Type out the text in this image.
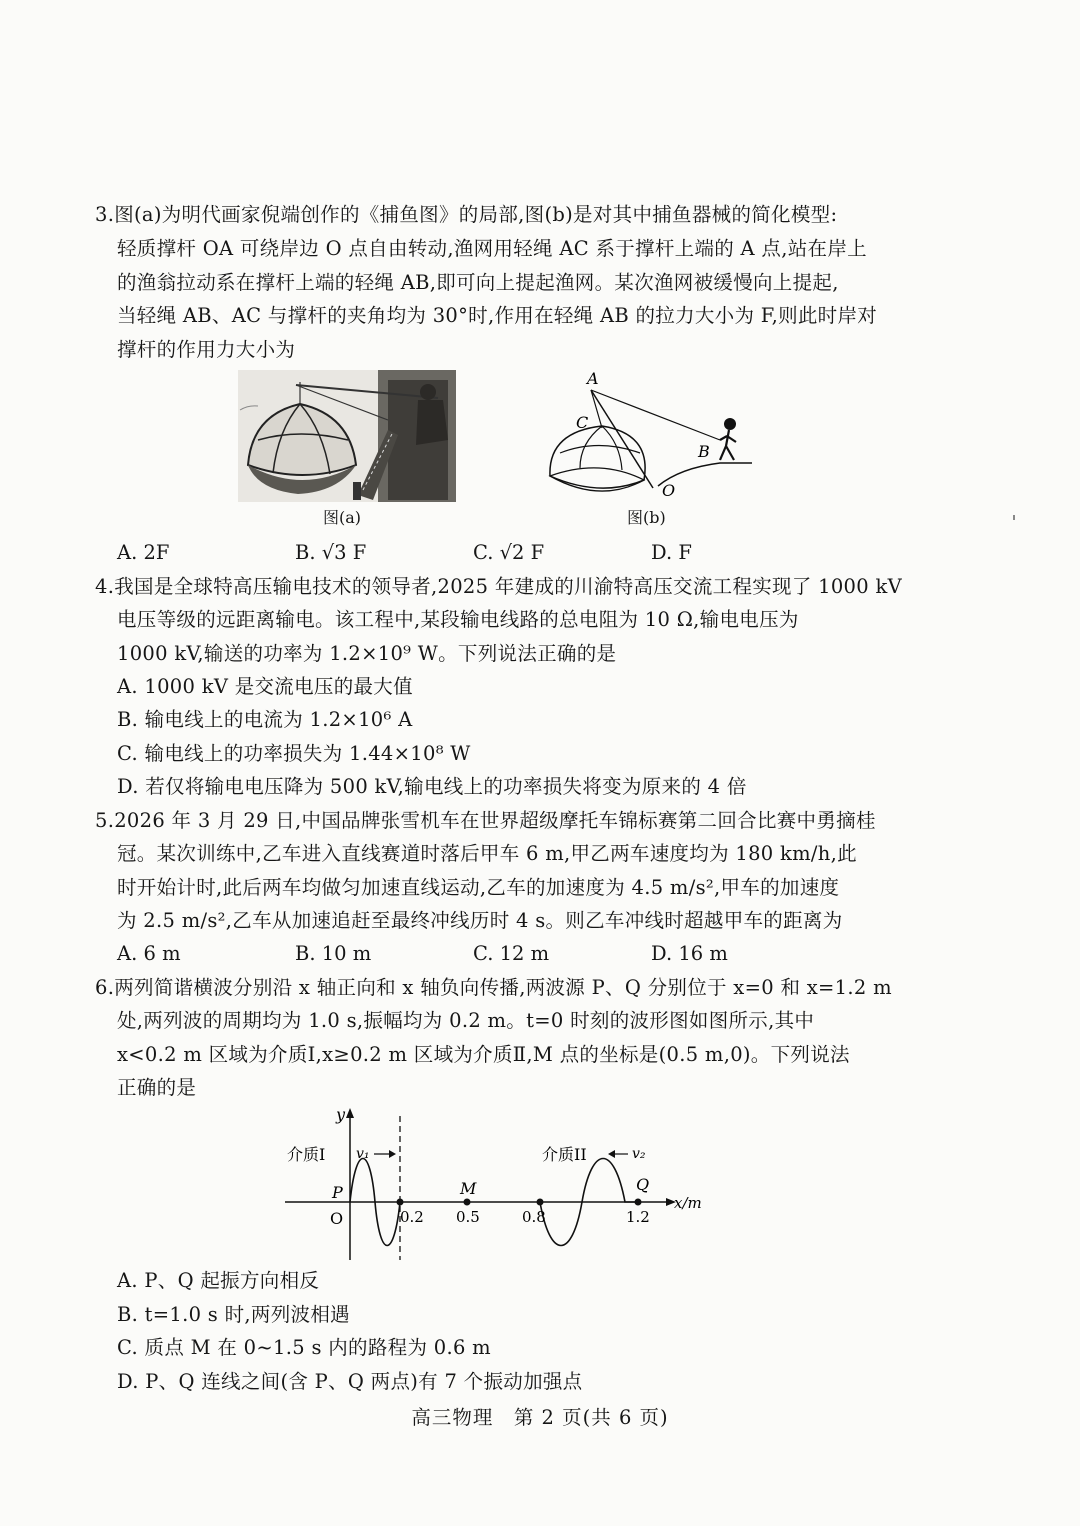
3.图(a)为明代画家倪端创作的《捕鱼图》的局部,图(b)是对其中捕鱼器械的简化模型:
轻质撑杆 OA 可绕岸边 O 点自由转动,渔网用轻绳 AC 系于撑杆上端的 A 点,站在岸上
的渔翁拉动系在撑杆上端的轻绳 AB,即可向上提起渔网。某次渔网被缓慢向上提起,
当轻绳 AB、AC 与撑杆的夹角均为 30°时,作用在轻绳 AB 的拉力大小为 F,则此时岸对
撑杆的作用力大小为
图(a)
A
C
B
O
图(b)
A. 2F	B. √3 F	C. √2 F	D. F
4.我国是全球特高压输电技术的领导者,2025 年建成的川渝特高压交流工程实现了 1000 kV
电压等级的远距离输电。该工程中,某段输电线路的总电阻为 10 Ω,输电电压为
1000 kV,输送的功率为 1.2×10⁹ W。下列说法正确的是
A. 1000 kV 是交流电压的最大值
B. 输电线上的电流为 1.2×10⁶ A
C. 输电线上的功率损失为 1.44×10⁸ W
D. 若仅将输电电压降为 500 kV,输电线上的功率损失将变为原来的 4 倍
5.2026 年 3 月 29 日,中国品牌张雪机车在世界超级摩托车锦标赛第二回合比赛中勇摘桂
冠。某次训练中,乙车进入直线赛道时落后甲车 6 m,甲乙两车速度均为 180 km/h,此
时开始计时,此后两车均做匀加速直线运动,乙车的加速度为 4.5 m/s²,甲车的加速度
为 2.5 m/s²,乙车从加速追赶至最终冲线历时 4 s。则乙车冲线时超越甲车的距离为
A. 6 m	B. 10 m	C. 12 m	D. 16 m
6.两列简谐横波分别沿 x 轴正向和 x 轴负向传播,两波源 P、Q 分别位于 x=0 和 x=1.2 m
处,两列波的周期均为 1.0 s,振幅均为 0.2 m。t=0 时刻的波形图如图所示,其中
x<0.2 m 区域为介质Ⅰ,x≥0.2 m 区域为介质Ⅱ,M 点的坐标是(0.5 m,0)。下列说法
正确的是
y
x/m
O
P	M	Q
介质I	介质II
v₁	v₂
0.2 0.5	0.8	1.2
A. P、Q 起振方向相反
B. t=1.0 s 时,两列波相遇
C. 质点 M 在 0~1.5 s 内的路程为 0.6 m
D. P、Q 连线之间(含 P、Q 两点)有 7 个振动加强点
高三物理　第 2 页(共 6 页)
